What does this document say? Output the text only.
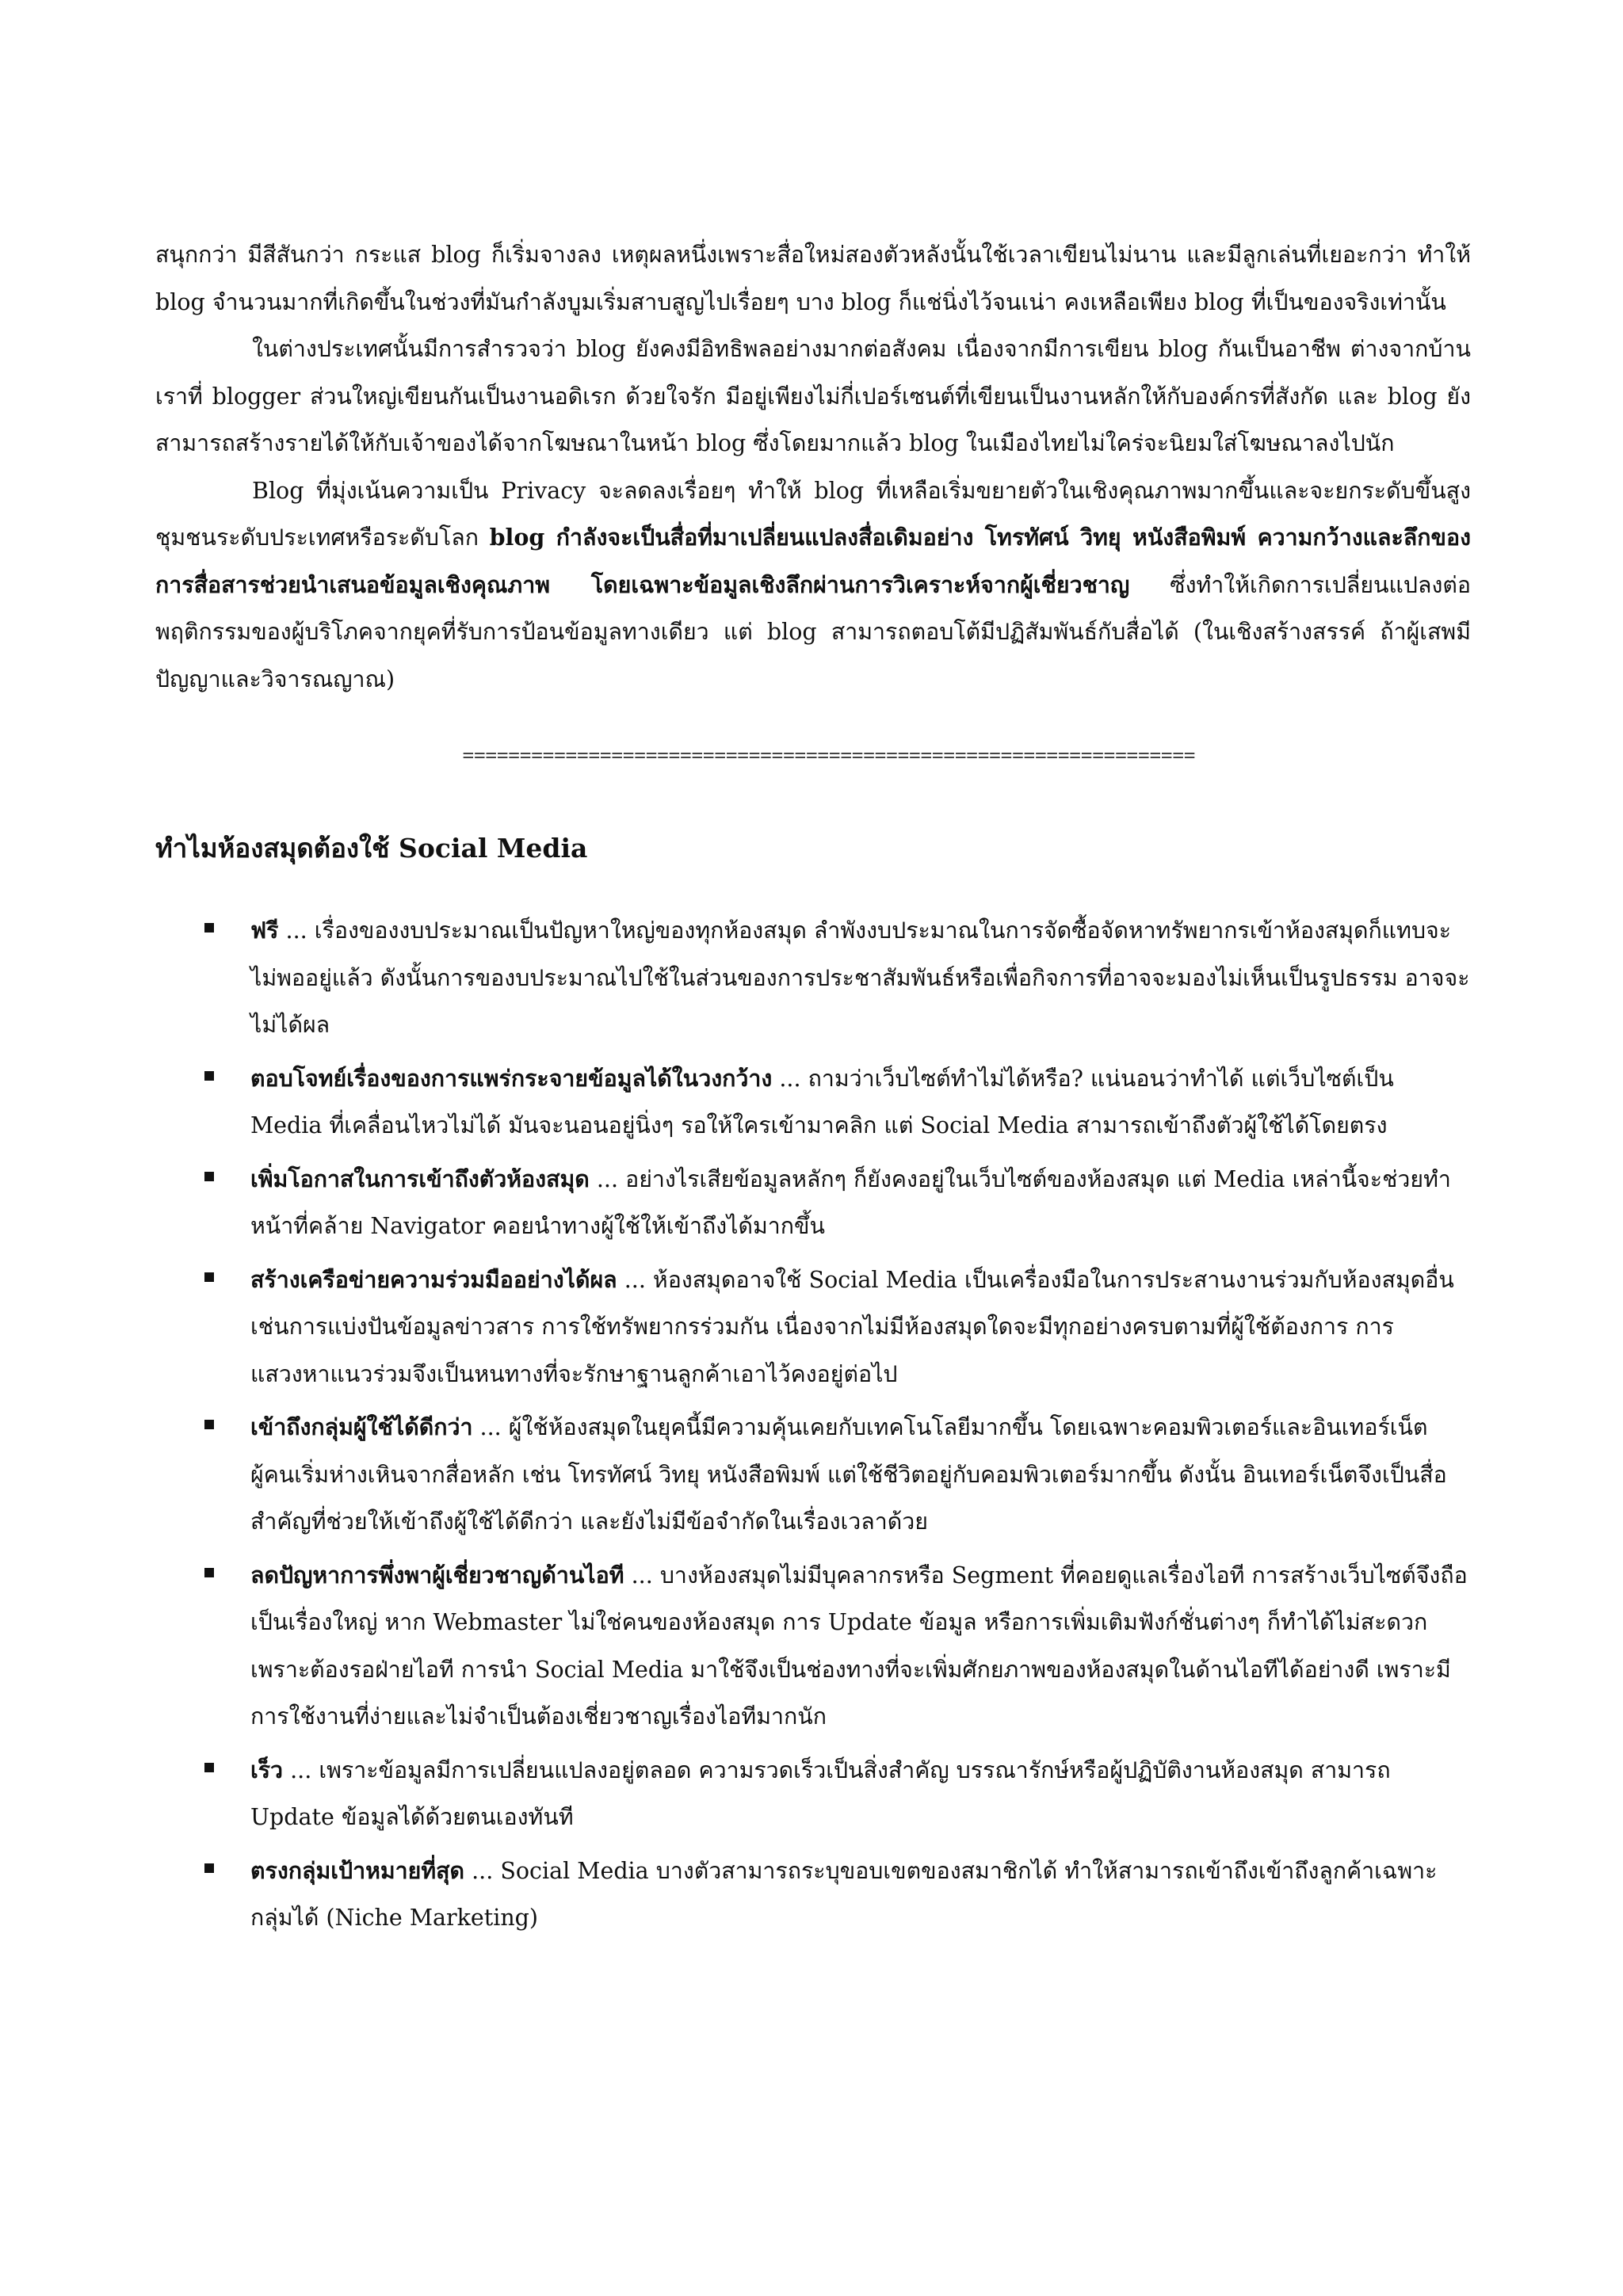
สนุกกว่า มีสีสันกว่า กระแส blog ก็เริ่มจางลง เหตุผลหนึ่งเพราะสื่อใหม่สองตัวหลังนั้นใช้เวลาเขียนไม่นาน และมีลูกเล่นที่เยอะกว่า ทำให้ blog จำนวนมากที่เกิดขึ้นในช่วงที่มันกำลังบูมเริ่มสาบสูญไปเรื่อยๆ บาง blog ก็แช่นิ่งไว้จนเน่า คงเหลือเพียง blog ที่เป็นของจริงเท่านั้น

ในต่างประเทศนั้นมีการสำรวจว่า blog ยังคงมีอิทธิพลอย่างมากต่อสังคม เนื่องจากมีการเขียน blog กันเป็นอาชีพ ต่างจากบ้านเราที่ blogger ส่วนใหญ่เขียนกันเป็นงานอดิเรก ด้วยใจรัก มีอยู่เพียงไม่กี่เปอร์เซนต์ที่เขียนเป็นงานหลักให้กับองค์กรที่สังกัด และ blog ยังสามารถสร้างรายได้ให้กับเจ้าของได้จากโฆษณาในหน้า blog ซึ่งโดยมากแล้ว blog ในเมืองไทยไม่ใคร่จะนิยมใส่โฆษณาลงไปนัก

Blog ที่มุ่งเน้นความเป็น Privacy จะลดลงเรื่อยๆ ทำให้ blog ที่เหลือเริ่มขยายตัวในเชิงคุณภาพมากขึ้นและจะยกระดับขึ้นสูงชุมชนระดับประเทศหรือระดับโลก blog กำลังจะเป็นสื่อที่มาเปลี่ยนแปลงสื่อเดิมอย่าง โทรทัศน์ วิทยุ หนังสือพิมพ์ ความกว้างและลึกของการสื่อสารช่วยนำเสนอข้อมูลเชิงคุณภาพ โดยเฉพาะข้อมูลเชิงลึกผ่านการวิเคราะห์จากผู้เชี่ยวชาญ ซึ่งทำให้เกิดการเปลี่ยนแปลงต่อพฤติกรรมของผู้บริโภคจากยุคที่รับการป้อนข้อมูลทางเดียว แต่ blog สามารถตอบโต้มีปฏิสัมพันธ์กับสื่อได้ (ในเชิงสร้างสรรค์ ถ้าผู้เสพมีปัญญาและวิจารณญาณ)

================================================================
ทำไมห้องสมุดต้องใช้ Social Media
ฟรี ... เรื่องของงบประมาณเป็นปัญหาใหญ่ของทุกห้องสมุด ลำพังงบประมาณในการจัดซื้อจัดหาทรัพยากรเข้าห้องสมุดก็แทบจะไม่พออยู่แล้ว ดังนั้นการของบประมาณไปใช้ในส่วนของการประชาสัมพันธ์หรือเพื่อกิจการที่อาจจะมองไม่เห็นเป็นรูปธรรม อาจจะไม่ได้ผล
ตอบโจทย์เรื่องของการแพร่กระจายข้อมูลได้ในวงกว้าง ... ถามว่าเว็บไซต์ทำไม่ได้หรือ? แน่นอนว่าทำได้ แต่เว็บไซต์เป็น Media ที่เคลื่อนไหวไม่ได้ มันจะนอนอยู่นิ่งๆ รอให้ใครเข้ามาคลิก แต่ Social Media สามารถเข้าถึงตัวผู้ใช้ได้โดยตรง
เพิ่มโอกาสในการเข้าถึงตัวห้องสมุด ... อย่างไรเสียข้อมูลหลักๆ ก็ยังคงอยู่ในเว็บไซต์ของห้องสมุด แต่ Media เหล่านี้จะช่วยทำหน้าที่คล้าย Navigator คอยนำทางผู้ใช้ให้เข้าถึงได้มากขึ้น
สร้างเครือข่ายความร่วมมืออย่างได้ผล ... ห้องสมุดอาจใช้ Social Media เป็นเครื่องมือในการประสานงานร่วมกับห้องสมุดอื่น เช่นการแบ่งปันข้อมูลข่าวสาร การใช้ทรัพยากรร่วมกัน เนื่องจากไม่มีห้องสมุดใดจะมีทุกอย่างครบตามที่ผู้ใช้ต้องการ การแสวงหาแนวร่วมจึงเป็นหนทางที่จะรักษาฐานลูกค้าเอาไว้คงอยู่ต่อไป
เข้าถึงกลุ่มผู้ใช้ได้ดีกว่า ... ผู้ใช้ห้องสมุดในยุคนี้มีความคุ้นเคยกับเทคโนโลยีมากขึ้น โดยเฉพาะคอมพิวเตอร์และอินเทอร์เน็ต ผู้คนเริ่มห่างเหินจากสื่อหลัก เช่น โทรทัศน์ วิทยุ หนังสือพิมพ์ แต่ใช้ชีวิตอยู่กับคอมพิวเตอร์มากขึ้น ดังนั้น อินเทอร์เน็ตจึงเป็นสื่อสำคัญที่ช่วยให้เข้าถึงผู้ใช้ได้ดีกว่า และยังไม่มีข้อจำกัดในเรื่องเวลาด้วย
ลดปัญหาการพึ่งพาผู้เชี่ยวชาญด้านไอที ... บางห้องสมุดไม่มีบุคลากรหรือ Segment ที่คอยดูแลเรื่องไอที การสร้างเว็บไซต์จึงถือเป็นเรื่องใหญ่ หาก Webmaster ไม่ใช่คนของห้องสมุด การ Update ข้อมูล หรือการเพิ่มเติมฟังก์ชั่นต่างๆ ก็ทำได้ไม่สะดวก เพราะต้องรอฝ่ายไอที การนำ Social Media มาใช้จึงเป็นช่องทางที่จะเพิ่มศักยภาพของห้องสมุดในด้านไอทีได้อย่างดี เพราะมีการใช้งานที่ง่ายและไม่จำเป็นต้องเชี่ยวชาญเรื่องไอทีมากนัก
เร็ว ... เพราะข้อมูลมีการเปลี่ยนแปลงอยู่ตลอด ความรวดเร็วเป็นสิ่งสำคัญ บรรณารักษ์หรือผู้ปฏิบัติงานห้องสมุด สามารถ Update ข้อมูลได้ด้วยตนเองทันที
ตรงกลุ่มเป้าหมายที่สุด ... Social Media บางตัวสามารถระบุขอบเขตของสมาชิกได้ ทำให้สามารถเข้าถึงเข้าถึงลูกค้าเฉพาะกลุ่มได้ (Niche Marketing)
